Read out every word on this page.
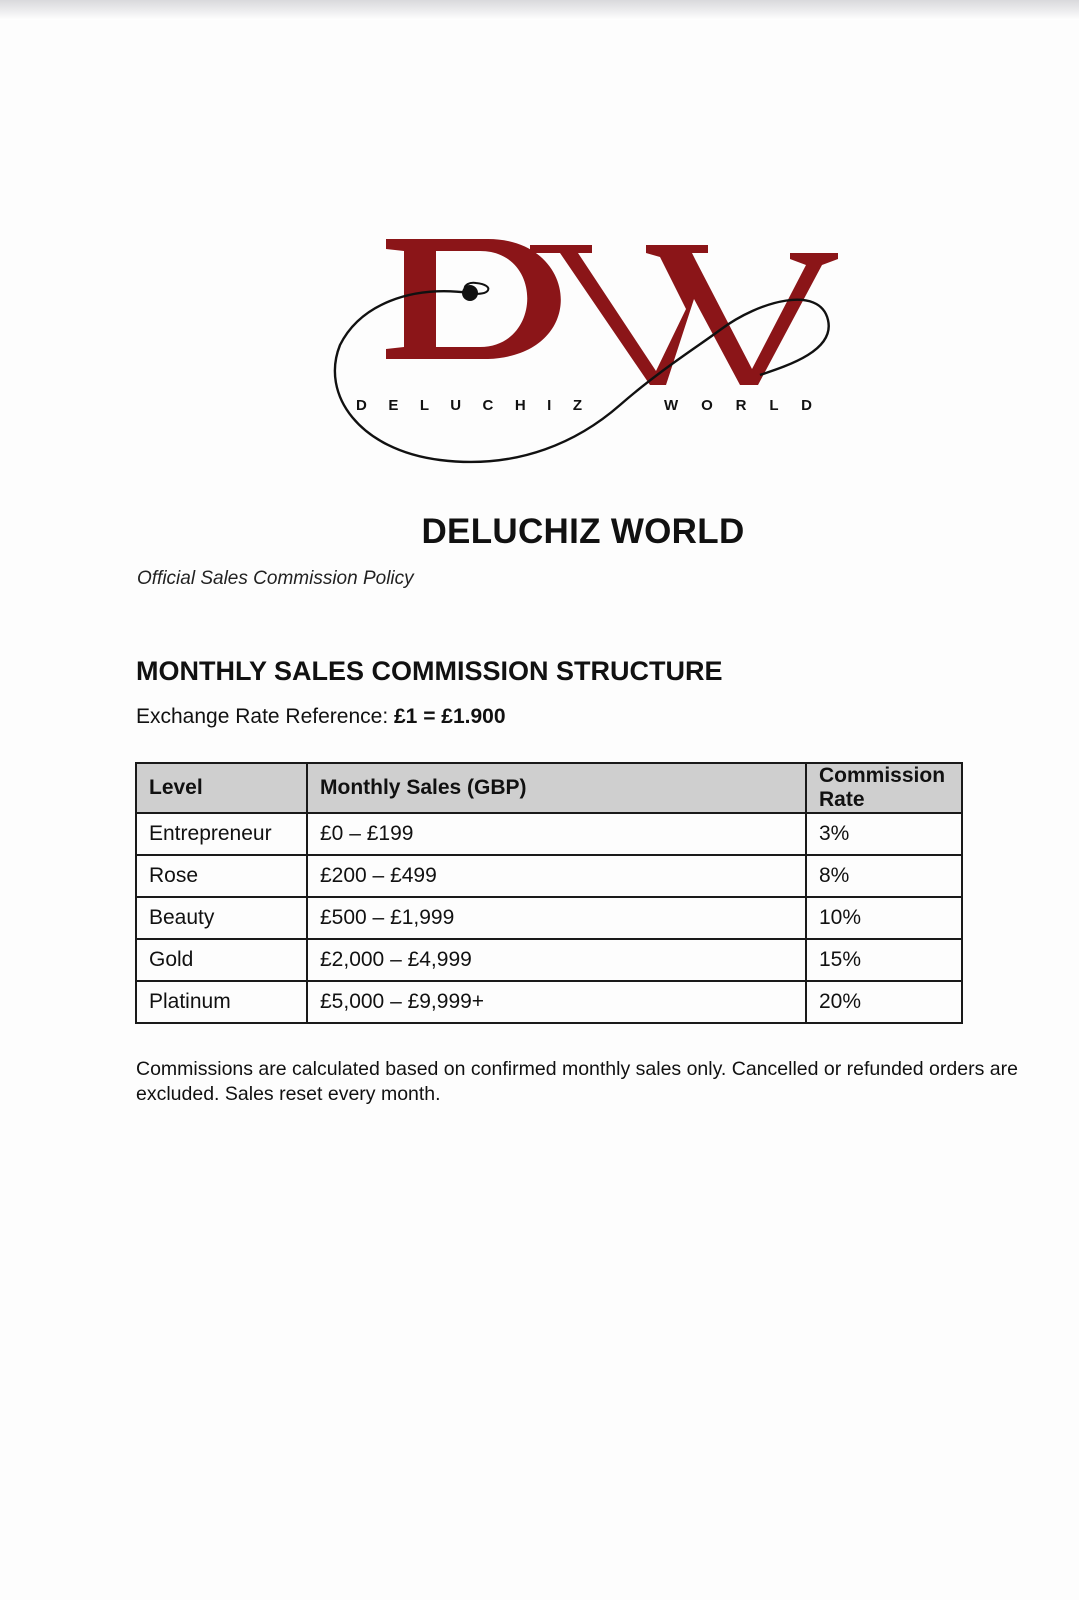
D E L U C H I Z	W O R L D
DELUCHIZ WORLD

Official Sales Commission Policy

MONTHLY SALES COMMISSION STRUCTURE
Exchange Rate Reference: £1 = £1.900
Level	Monthly Sales (GBP)	Commission Rate
Entrepreneur	£0 – £199	3%
Rose	£200 – £499	8%
Beauty	£500 – £1,999	10%
Gold	£2,000 – £4,999	15%
Platinum	£5,000 – £9,999+	20%

Commissions are calculated based on confirmed monthly sales only. Cancelled or refunded orders are excluded. Sales reset every month.
